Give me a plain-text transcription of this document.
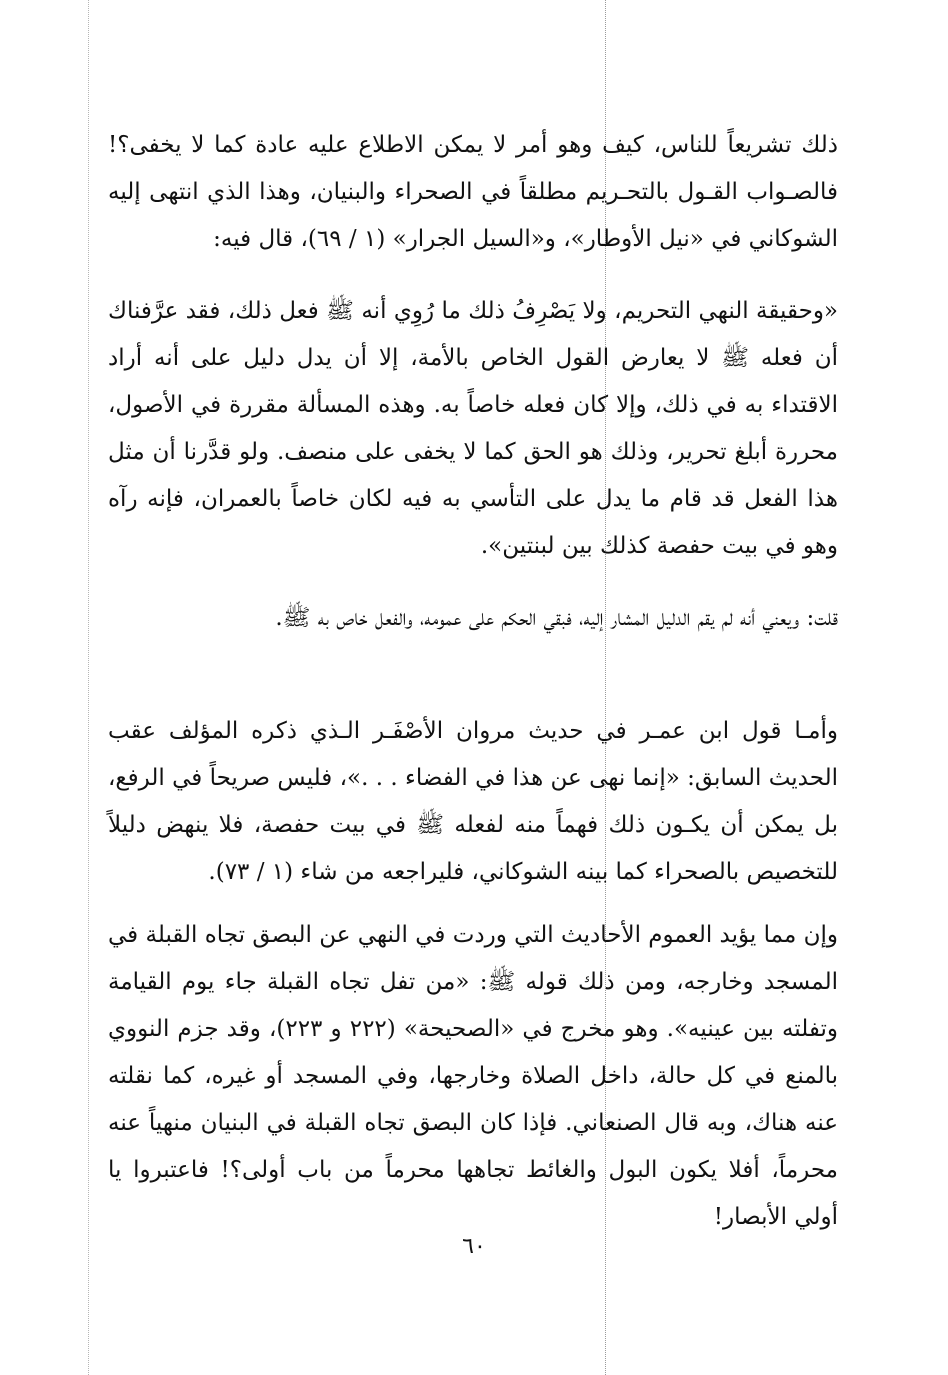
ذلك تشريعاً للناس، كيف وهو أمر لا يمكن الاطلاع عليه عادة كما لا يخفى؟! فالصـواب القـول بالتحـريم مطلقاً في الصحراء والبنيان، وهذا الذي انتهى إليه الشوكاني في «نيل الأوطار»، و«السيل الجرار» (١ / ٦٩)، قال فيه:

«وحقيقة النهي التحريم، ولا يَصْرِفُ ذلك ما رُوِي أنه ﷺ فعل ذلك، فقد عرَّفناك أن فعله ﷺ لا يعارض القول الخاص بالأمة، إلا أن يدل دليل على أنه أراد الاقتداء به في ذلك، وإلا كان فعله خاصاً به. وهذه المسألة مقررة في الأصول، محررة أبلغ تحرير، وذلك هو الحق كما لا يخفى على منصف. ولو قدَّرنا أن مثل هذا الفعل قد قام ما يدل على التأسي به فيه لكان خاصاً بالعمران، فإنه رآه وهو في بيت حفصة كذلك بين لبنتين».

قلت: ويعني أنه لم يقم الدليل المشار إليه، فبقي الحكم على عمومه، والفعل خاص به ﷺ.

وأمـا قول ابن عمـر في حديث مروان الأصْفَـر الـذي ذكره المؤلف عقب الحديث السابق: «إنما نهى عن هذا في الفضاء . . .»، فليس صريحاً في الرفع، بل يمكن أن يكـون ذلك فهماً منه لفعله ﷺ في بيت حفصة، فلا ينهض دليلاً للتخصيص بالصحراء كما بينه الشوكاني، فليراجعه من شاء (١ / ٧٣).

وإن مما يؤيد العموم الأحاديث التي وردت في النهي عن البصق تجاه القبلة في المسجد وخارجه، ومن ذلك قوله ﷺ: «من تفل تجاه القبلة جاء يوم القيامة وتفلته بين عينيه». وهو مخرج في «الصحيحة» (٢٢٢ و ٢٢٣)، وقد جزم النووي بالمنع في كل حالة، داخل الصلاة وخارجها، وفي المسجد أو غيره، كما نقلته عنه هناك، وبه قال الصنعاني. فإذا كان البصق تجاه القبلة في البنيان منهياً عنه محرماً، أفلا يكون البول والغائط تجاهها محرماً من باب أولى؟! فاعتبروا يا أولي الأبصار!

٦٠
